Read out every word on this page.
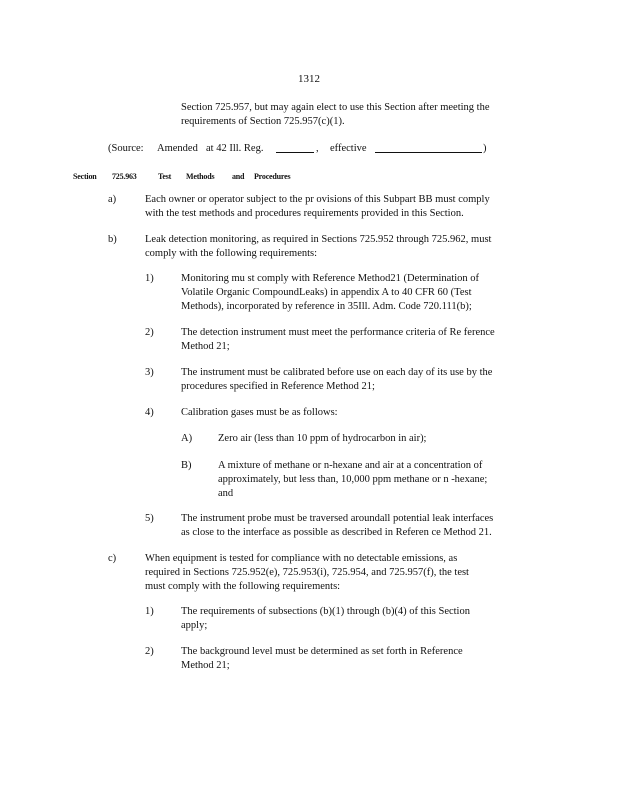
1312
Section 725.957, but may again elect to use this Section after meeting the
requirements of Section 725.957(c)(1).
(Source: Amended at 42 Ill. Reg.	, effective	)
Section 725.963	Test Methods and Procedures
a)	Each owner or operator subject to the pr ovisions of this Subpart BB must comply
with the test methods and procedures requirements provided in this Section.
b)	Leak detection monitoring, as required in Sections 725.952 through 725.962, must
comply with the following requirements:
1)	Monitoring mu st comply with Reference Method21 (Determination of
Volatile Organic CompoundLeaks) in appendix A to 40 CFR 60 (Test
Methods), incorporated by reference in 35Ill. Adm. Code 720.111(b);
2)	The detection instrument must meet the performance criteria of Re ference
Method 21;
3)	The instrument must be calibrated before use on each day of its use by the
procedures specified in Reference Method 21;
4)	Calibration gases must be as follows:
A) Zero air (less than 10 ppm of hydrocarbon in air);
B)	A mixture of methane or n-hexane and air at a concentration of
approximately, but less than, 10,000 ppm methane or n -hexane;
and
5)	The instrument probe must be traversed aroundall potential leak interfaces
as close to the interface as possible as described in Referen ce Method 21.
c)	When equipment is tested for compliance with no detectable emissions, as
required in Sections 725.952(e), 725.953(i), 725.954, and 725.957(f), the test
must comply with the following requirements:
1)	The requirements of subsections (b)(1) through (b)(4) of this Section
apply;
2)	The background level must be determined as set forth in Reference
Method 21;
